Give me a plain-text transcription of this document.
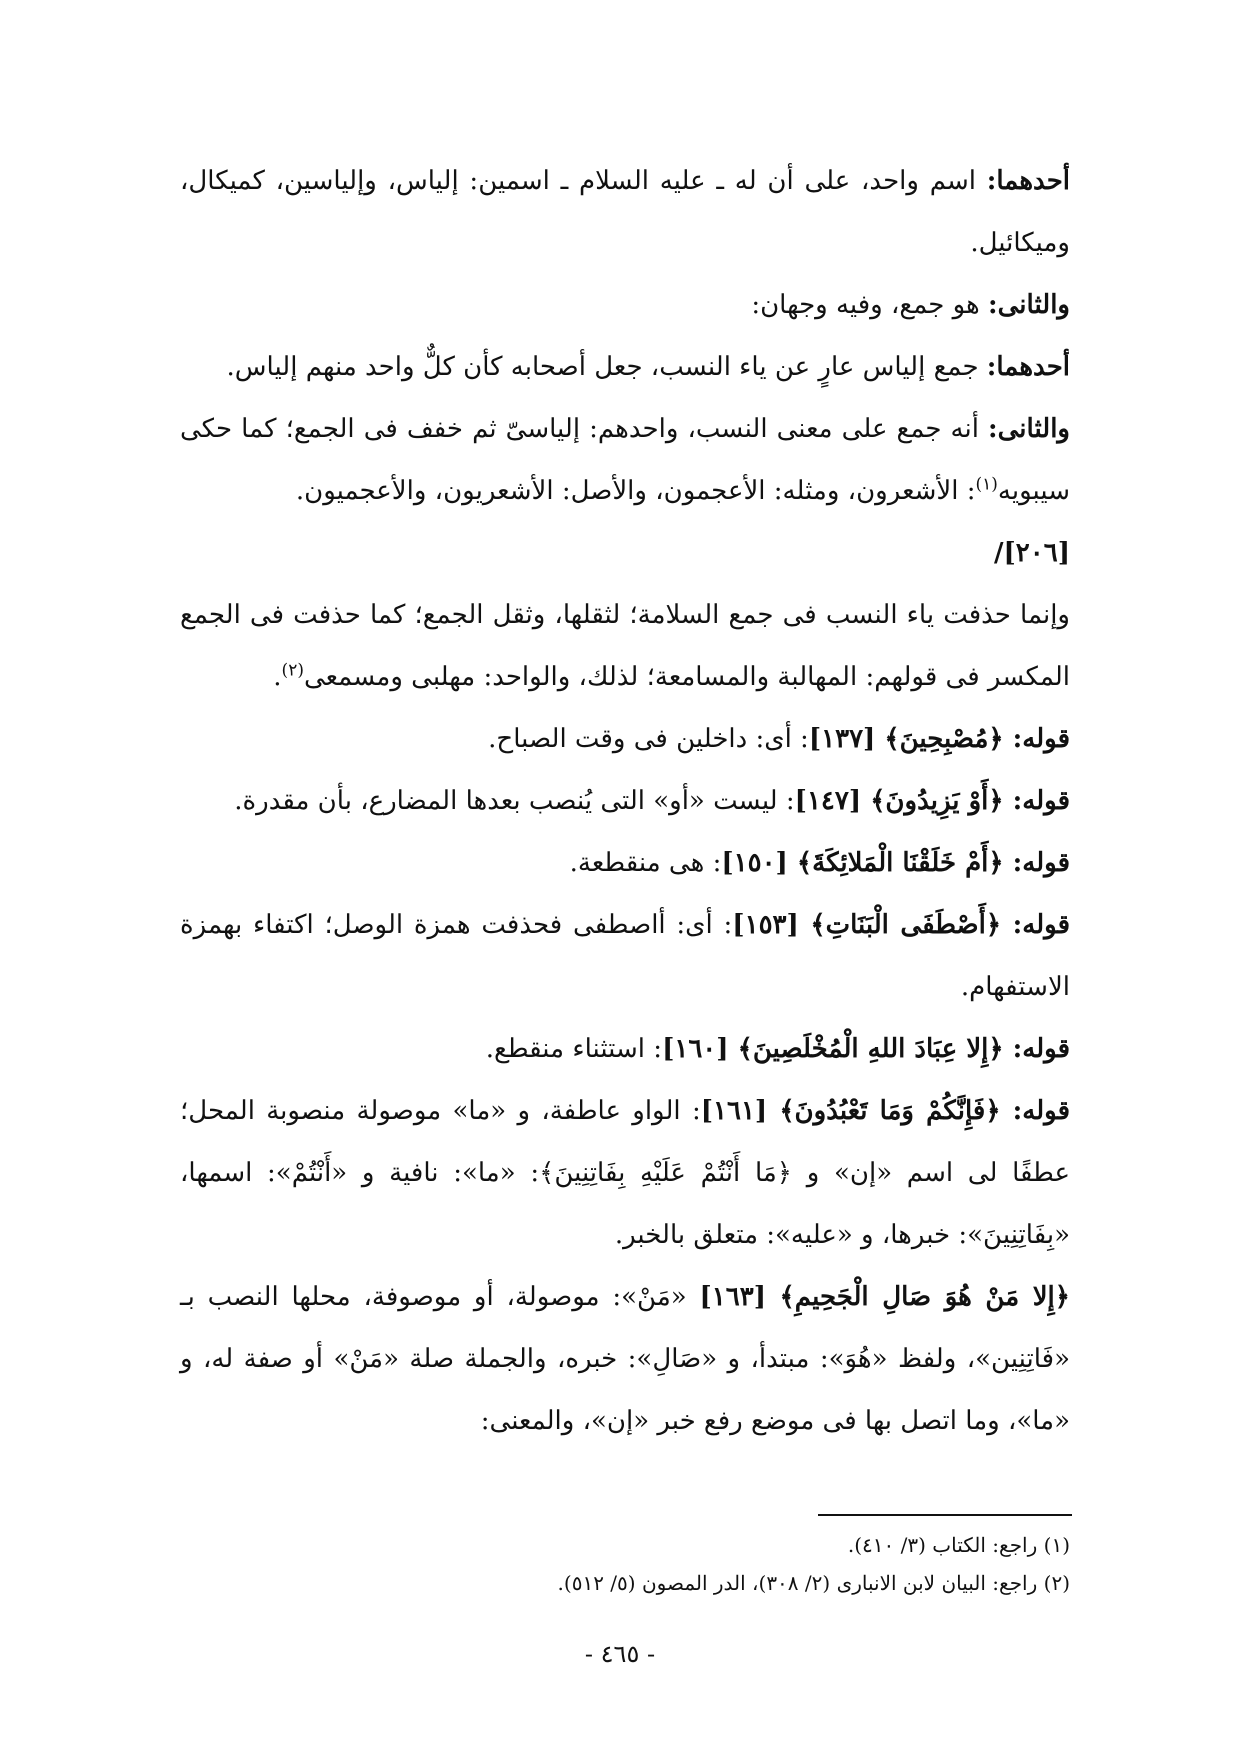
أحدهما: اسم واحد، على أن له ـ عليه السلام ـ اسمين: إلياس، وإلياسين، كميكال، وميكائيل.

والثانى: هو جمع، وفيه وجهان:

أحدهما: جمع إلياس عارٍ عن ياء النسب، جعل أصحابه كأن كلٌّ واحد منهم إلياس.

والثانى: أنه جمع على معنى النسب، واحدهم: إلياسىّ ثم خفف فى الجمع؛ كما حكى سيبويه$^{(١)}$: الأشعرون، ومثله: الأعجمون، والأصل: الأشعريون، والأعجميون.

[٢٠٦]/

وإنما حذفت ياء النسب فى جمع السلامة؛ لثقلها، وثقل الجمع؛ كما حذفت فى الجمع المكسر فى قولهم: المهالبة والمسامعة؛ لذلك، والواحد: مهلبى ومسمعى$^{(٢)}$.

قوله: ﴿مُصْبِحِينَ﴾ [١٣٧]: أى: داخلين فى وقت الصباح.

قوله: ﴿أَوْ يَزِيدُونَ﴾ [١٤٧]: ليست «أو» التى يُنصب بعدها المضارع، بأن مقدرة.

قوله: ﴿أَمْ خَلَقْنَا الْمَلائِكَةَ﴾ [١٥٠]: هى منقطعة.

قوله: ﴿أَصْطَفَى الْبَنَاتِ﴾ [١٥٣]: أى: أاصطفى فحذفت همزة الوصل؛ اكتفاء بهمزة الاستفهام.

قوله: ﴿إِلا عِبَادَ اللهِ الْمُخْلَصِينَ﴾ [١٦٠]: استثناء منقطع.

قوله: ﴿فَإِنَّكُمْ وَمَا تَعْبُدُونَ﴾ [١٦١]: الواو عاطفة، و «ما» موصولة منصوبة المحل؛ عطفًا لى اسم «إن» و ﴿مَا أَنْتُمْ عَلَيْهِ بِفَاتِنِينَ﴾: «ما»: نافية و «أَنْتُمْ»: اسمها، «بِفَاتِنِينَ»: خبرها، و «عليه»: متعلق بالخبر.

﴿إِلا مَنْ هُوَ صَالِ الْجَحِيمِ﴾ [١٦٣] «مَنْ»: موصولة، أو موصوفة، محلها النصب بـ «فَاتِنِين»، ولفظ «هُوَ»: مبتدأ، و «صَالِ»: خبره، والجملة صلة «مَنْ» أو صفة له، و «ما»، وما اتصل بها فى موضع رفع خبر «إن»، والمعنى:

(١) راجع: الكتاب (٣/ ٤١٠).

(٢) راجع: البيان لابن الانبارى (٢/ ٣٠٨)، الدر المصون (٥/ ٥١٢).

- ٤٦٥ -
